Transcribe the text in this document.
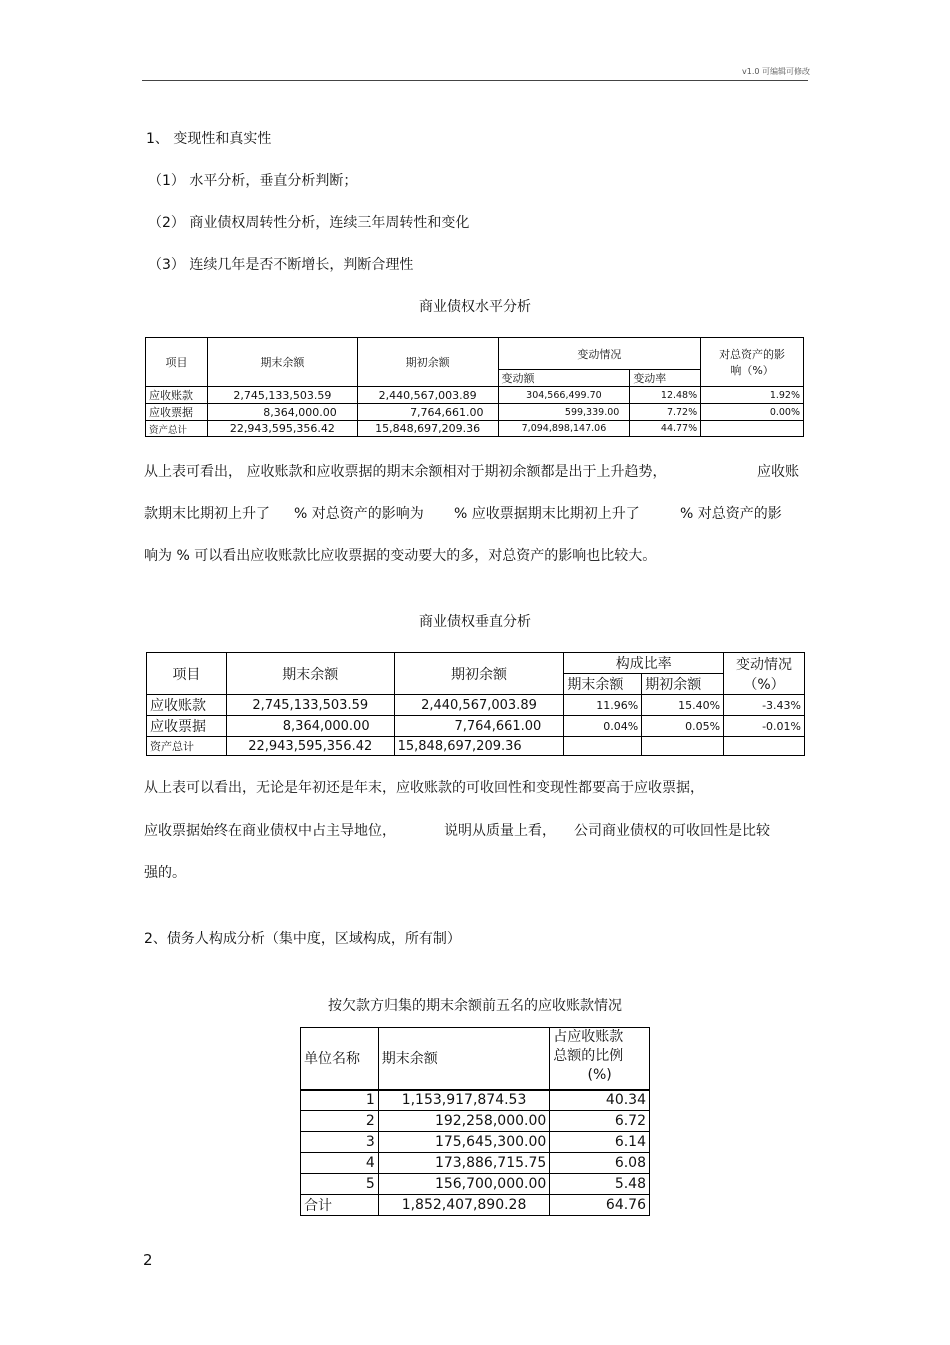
v1.0 可编辑可修改
1、 变现性和真实性
（1） 水平分析，垂直分析判断；
（2） 商业债权周转性分析，连续三年周转性和变化
（3） 连续几年是否不断增长，判断合理性
商业债权水平分析
项目	期末余额	期初余额	变动情况		对总资产的影
响（%）

			变动额	变动率	
应收账款	2,745,133,503.59	2,440,567,003.89	304,566,499.70	12.48%	1.92%
应收票据	8,364,000.00	7,764,661.00	599,339.00	7.72%	0.00%
资产总计	22,943,595,356.42	15,848,697,209.36	7,094,898,147.06	44.77%	
从上表可看出， 应收账款和应收票据的期末余额相对于期初余额都是出于上升趋势，	应收账
款期末比期初上升了 % 对总资产的影响为 % 应收票据期末比期初上升了	% 对总资产的影
响为 % 可以看出应收账款比应收票据的变动要大的多，对总资产的影响也比较大。
商业债权垂直分析
项目	期末余额	期初余额	构成比率		变动情况
（%）

			期末余额	期初余额	
应收账款	2,745,133,503.59	2,440,567,003.89	11.96%	15.40%	-3.43%
应收票据	8,364,000.00	7,764,661.00	0.04%	0.05%	-0.01%
资产总计	22,943,595,356.42	15,848,697,209.36			
从上表可以看出，无论是年初还是年末，应收账款的可收回性和变现性都要高于应收票据，
应收票据始终在商业债权中占主导地位，	说明从质量上看， 公司商业债权的可收回性是比较
强的。
2、债务人构成分析（集中度，区域构成，所有制）
按欠款方归集的期末余额前五名的应收账款情况
单位名称	期末余额	占应收账款
总额的比例
(%)

1	1,153,917,874.53	40.34
2	192,258,000.00	6.72
3	175,645,300.00	6.14
4	173,886,715.75	6.08
5	156,700,000.00	5.48
合计	1,852,407,890.28	64.76
2
